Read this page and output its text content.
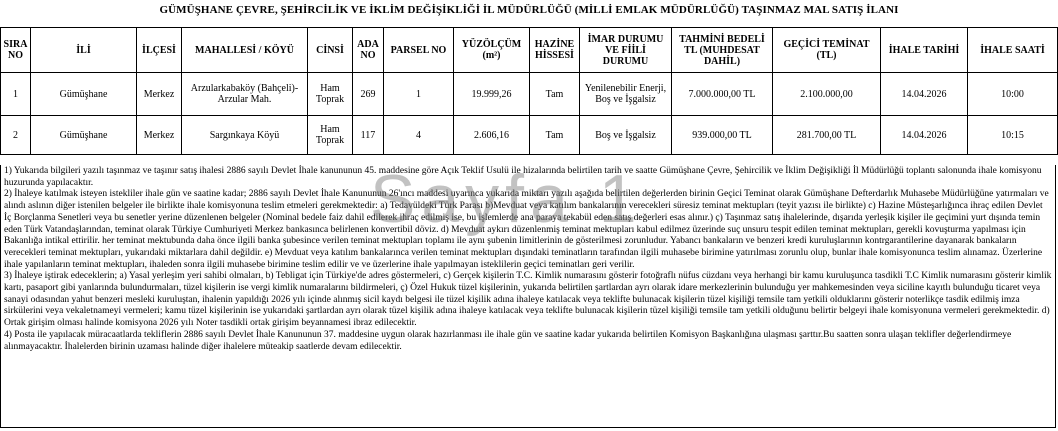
GÜMÜŞHANE ÇEVRE, ŞEHİRCİLİK VE İKLİM DEĞİŞİKLİĞİ İL MÜDÜRLÜĞÜ (MİLLİ EMLAK MÜDÜRLÜĞÜ) TAŞINMAZ MAL SATIŞ İLANI
SIRA NO	İLİ	İLÇESİ	MAHALLESİ / KÖYÜ	CİNSİ	ADA NO	PARSEL NO	YÜZÖLÇÜM (m²)	HAZİNE HİSSESİ	İMAR DURUMU VE FİİLİ DURUMU	TAHMİNİ BEDELİ TL (MUHDESAT DAHİL)	GEÇİCİ TEMİNAT (TL)	İHALE TARİHİ	İHALE SAATİ
1	Gümüşhane	Merkez	Arzularkabaköy (Bahçeli)- Arzular Mah.	Ham Toprak	269	1	19.999,26	Tam	Yenilenebilir Enerji, Boş ve İşgalsiz	7.000.000,00 TL	2.100.000,00	14.04.2026	10:00
2	Gümüşhane	Merkez	Sargınkaya Köyü	Ham Toprak	117	4	2.606,16	Tam	Boş ve İşgalsiz	939.000,00 TL	281.700,00 TL	14.04.2026	10:15

1) Yukarıda bilgileri yazılı taşınmaz ve taşınır satış ihalesi 2886 sayılı Devlet İhale kanununun 45. maddesine göre Açık Teklif Usulü ile hizalarında belirtilen tarih ve saatte Gümüşhane Çevre, Şehircilik ve İklim Değişikliği İl Müdürlüğü toplantı salonunda ihale komisyonu huzurunda yapılacaktır.

2) İhaleye katılmak isteyen istekliler ihale gün ve saatine kadar; 2886 sayılı Devlet İhale Kanununun 26'ıncı maddesi uyarınca yukarıda miktarı yazılı aşağıda belirtilen değerlerden birinin Geçici Teminat olarak Gümüşhane Defterdarlık Muhasebe Müdürlüğüne yatırmaları ve alındı aslının diğer istenilen belgeler ile birlikte ihale komisyonuna teslim etmeleri gerekmektedir: a) Tedavüldeki Türk Parası b)Mevduat veya katılım bankalarının verecekleri süresiz teminat mektupları (teyit yazısı ile birlikte) c) Hazine Müsteşarlığınca ihraç edilen Devlet İç Borçlanma Senetleri veya bu senetler yerine düzenlenen belgeler (Nominal bedele faiz dahil edilerek ihraç edilmiş ise, bu işlemlerde ana paraya tekabül eden satış değerleri esas alınır.) ç) Taşınmaz satış ihalelerinde, dışarıda yerleşik kişiler ile geçimini yurt dışında temin eden Türk Vatandaşlarından, teminat olarak Türkiye Cumhuriyeti Merkez bankasınca belirlenen konvertibil döviz. d) Mevduat aykırı düzenlenmiş teminat mektupları kabul edilmez üzerinde suç unsuru tespit edilen teminat mektupları, gerekli kovuşturma yapılması için Bakanlığa intikal ettirilir. her teminat mektubunda daha önce ilgili banka şubesince verilen teminat mektupları toplamı ile aynı şubenin limitlerinin de gösterilmesi zorunludur. Yabancı bankaların ve benzeri kredi kuruluşlarının kontrgarantilerine dayanarak bankaların verecekleri teminat mektupları, yukarıdaki miktarlara dahil değildir. e) Mevduat veya katılım bankalarınca verilen teminat mektupları dışındaki teminatların tarafından ilgili muhasebe birimine yatırılması zorunlu olup, bunlar ihale komisyonunca teslim alınamaz. Üzerlerine ihale yapılanların teminat mektupları, ihaleden sonra ilgili muhasebe birimine teslim edilir ve ve üzerlerine ihale yapılmayan isteklilerin geçici teminatları geri verilir.

3) İhaleye iştirak edeceklerin; a) Yasal yerleşim yeri sahibi olmaları, b) Tebligat için Türkiye'de adres göstermeleri, c) Gerçek kişilerin T.C. Kimlik numarasını gösterir fotoğraflı nüfus cüzdanı veya herhangi bir kamu kuruluşunca tasdikli T.C Kimlik numarasını gösterir kimlik kartı, pasaport gibi yanlarında bulundurmaları, tüzel kişilerin ise vergi kimlik numaralarını bildirmeleri, ç) Özel Hukuk tüzel kişilerinin, yukarıda belirtilen şartlardan ayrı olarak idare merkezlerinin bulunduğu yer mahkemesinden veya siciline kayıtlı bulunduğu ticaret veya sanayi odasından yahut benzeri mesleki kuruluştan, ihalenin yapıldığı 2026 yılı içinde alınmış sicil kaydı belgesi ile tüzel kişilik adına ihaleye katılacak veya teklifte bulunacak kişilerin tüzel kişiliği temsile tam yetkili olduklarını gösterir noterlikçe tasdik edilmiş imza sirkülerini veya vekaletnameyi vermeleri; kamu tüzel kişilerinin ise yukarıdaki şartlardan ayrı olarak tüzel kişilik adına ihaleye katılacak veya teklifte bulunacak kişilerin tüzel kişiliği temsile tam yetkili olduğunu belirtir belgeyi ihale komisyonuna vermeleri gerekmektedir. d) Ortak girişim olması halinde komisyona 2026 yılı Noter tasdikli ortak girişim beyannamesi ibraz edilecektir.

4) Posta ile yapılacak müracaatlarda tekliflerin 2886 sayılı Devlet İhale Kanununun 37. maddesine uygun olarak hazırlanması ile ihale gün ve saatine kadar yukarıda belirtilen Komisyon Başkanlığına ulaşması şarttır.Bu saatten sonra ulaşan teklifler değerlendirmeye alınmayacaktır. İhalelerden birinin uzaması halinde diğer ihalelere müteakip saatlerde devam edilecektir.

Sayfa 1
